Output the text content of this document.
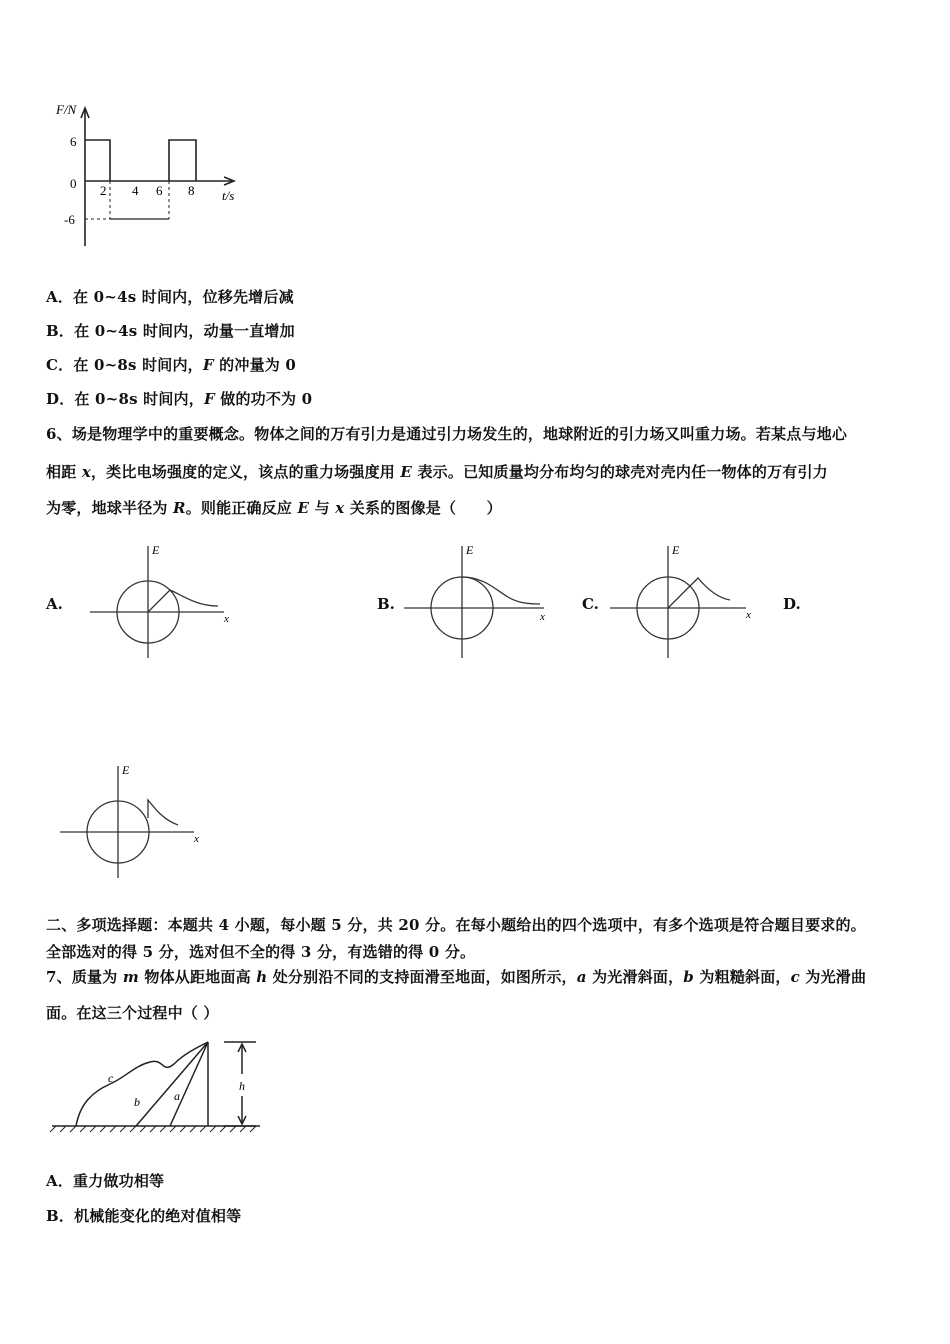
F/N
t/s
0
6
-6
2 4 6 8
A．在 0~4s 时间内，位移先增后减
B．在 0~4s 时间内，动量一直增加
C．在 0~8s 时间内，F 的冲量为 0
D．在 0~8s 时间内，F 做的功不为 0
6、场是物理学中的重要概念。物体之间的万有引力是通过引力场发生的，地球附近的引力场又叫重力场。若某点与地心
相距 x，类比电场强度的定义，该点的重力场强度用 E 表示。已知质量均分布均匀的球壳对壳内任一物体的万有引力
为零，地球半径为 R。则能正确反应 E 与 x 关系的图像是（　　）
A.	B.	C.	D.
E
x
E
x
E
x
E
x
二、多项选择题：本题共 4 小题，每小题 5 分，共 20 分。在每小题给出的四个选项中，有多个选项是符合题目要求的。
全部选对的得 5 分，选对但不全的得 3 分，有选错的得 0 分。
7、质量为 m 物体从距地面高 h 处分别沿不同的支持面滑至地面，如图所示，a 为光滑斜面，b 为粗糙斜面，c 为光滑曲
面。在这三个过程中（ ）
c
b	a
h
A．重力做功相等
B．机械能变化的绝对值相等
